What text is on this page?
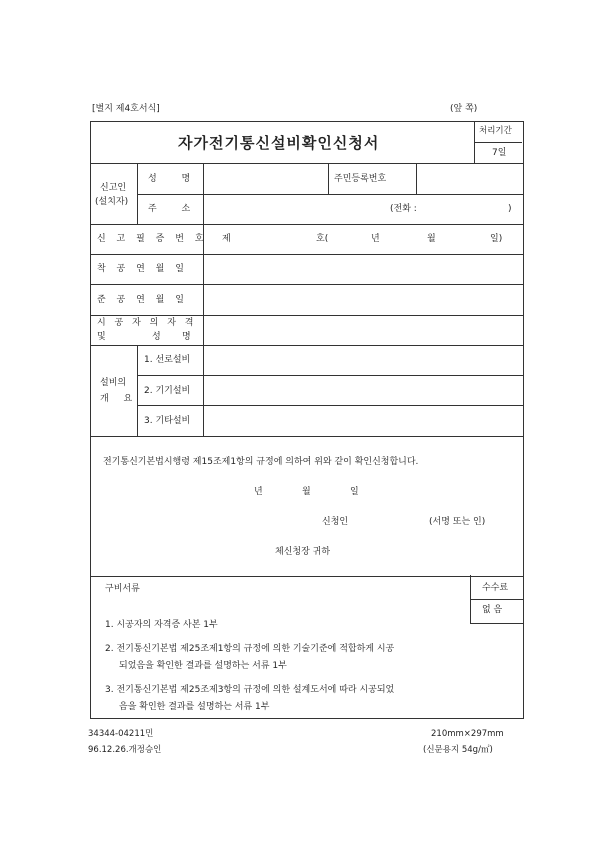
[별지 제4호서식]	(앞 쪽)
자가전기통신설비확인신청서
처리기간
7일
신고인
(설치자)
성 명	주민등록번호
주 소	(전화 :	)
신 고 필 증 번 호 제	호(	년	월	일)
착 공 연 월 일
준 공 연 월 일
시 공 자 의 자 격
및	성 명
설비의
개 요
1. 선로설비
2. 기기설비
3. 기타설비
전기통신기본법시행령 제15조제1항의 규정에 의하여 위와 같이 확인신청합니다.
년	월	일
신청인	(서명 또는 인)
체신청장 귀하
구비서류	수수료
없 음
1. 시공자의 자격증 사본 1부
2. 전기통신기본법 제25조제1항의 규정에 의한 기술기준에 적합하게 시공
되었음을 확인한 결과를 설명하는 서류 1부
3. 전기통신기본법 제25조제3항의 규정에 의한 설계도서에 따라 시공되었
음을 확인한 결과를 설명하는 서류 1부
34344-04211민
96.12.26.개정승인
210mm×297mm
(신문용지 54g/㎡)
